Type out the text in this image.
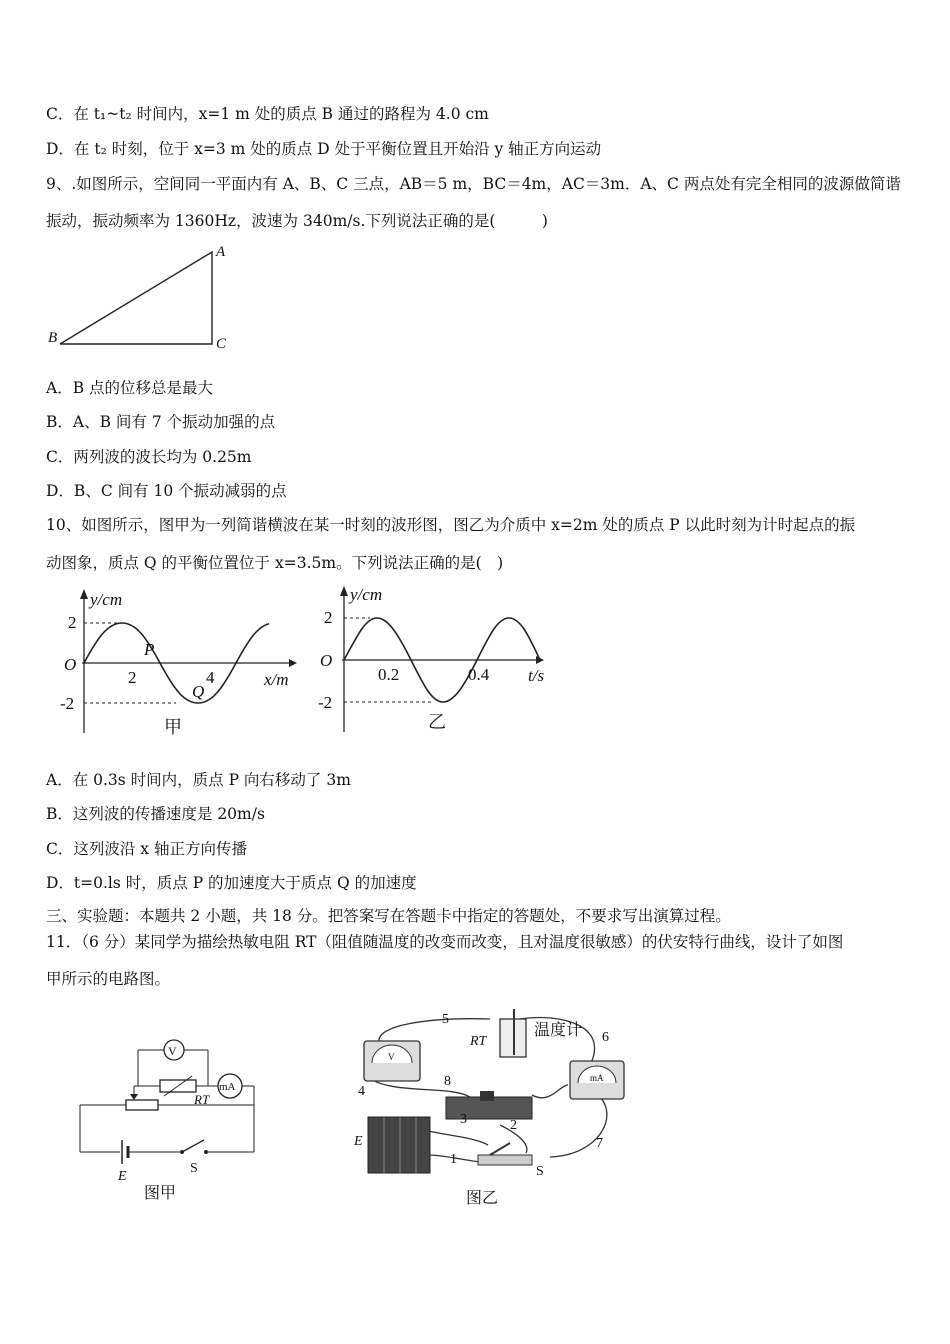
C．在 t₁~t₂ 时间内，x=1 m 处的质点 B 通过的路程为 4.0 cm
D．在 t₂ 时刻，位于 x=3 m 处的质点 D 处于平衡位置且开始沿 y 轴正方向运动
9、.如图所示，空间同一平面内有 A、B、C 三点，AB＝5 m，BC＝4m，AC＝3m．A、C 两点处有完全相同的波源做简谐
振动，振动频率为 1360Hz，波速为 340m/s.下列说法正确的是(　　　)
A
B	C
A．B 点的位移总是最大
B．A、B 间有 7 个振动加强的点
C．两列波的波长均为 0.25m
D．B、C 间有 10 个振动减弱的点
10、如图所示，图甲为一列简谐横波在某一时刻的波形图，图乙为介质中 x=2m 处的质点 P 以此时刻为计时起点的振
动图象，质点 Q 的平衡位置位于 x=3.5m。下列说法正确的是(　)
y/cm
x/m
2
-2
O
2	4
P
Q
甲
y/cm
t/s
2
-2
O
0.2	0.4
乙
A．在 0.3s 时间内，质点 P 向右移动了 3m
B．这列波的传播速度是 20m/s
C．这列波沿 x 轴正方向传播
D．t=0.ls 时，质点 P 的加速度大于质点 Q 的加速度
三、实验题：本题共 2 小题，共 18 分。把答案写在答题卡中指定的答题处，不要求写出演算过程。
11．（6 分）某同学为描绘热敏电阻 RT（阻值随温度的改变而改变，且对温度很敏感）的伏安特行曲线，设计了如图
甲所示的电路图。
V
RT
mA
E
S
图甲
V
RT
温度计
mA
1
2
3
4
5
6
7
8
E
S
图乙
